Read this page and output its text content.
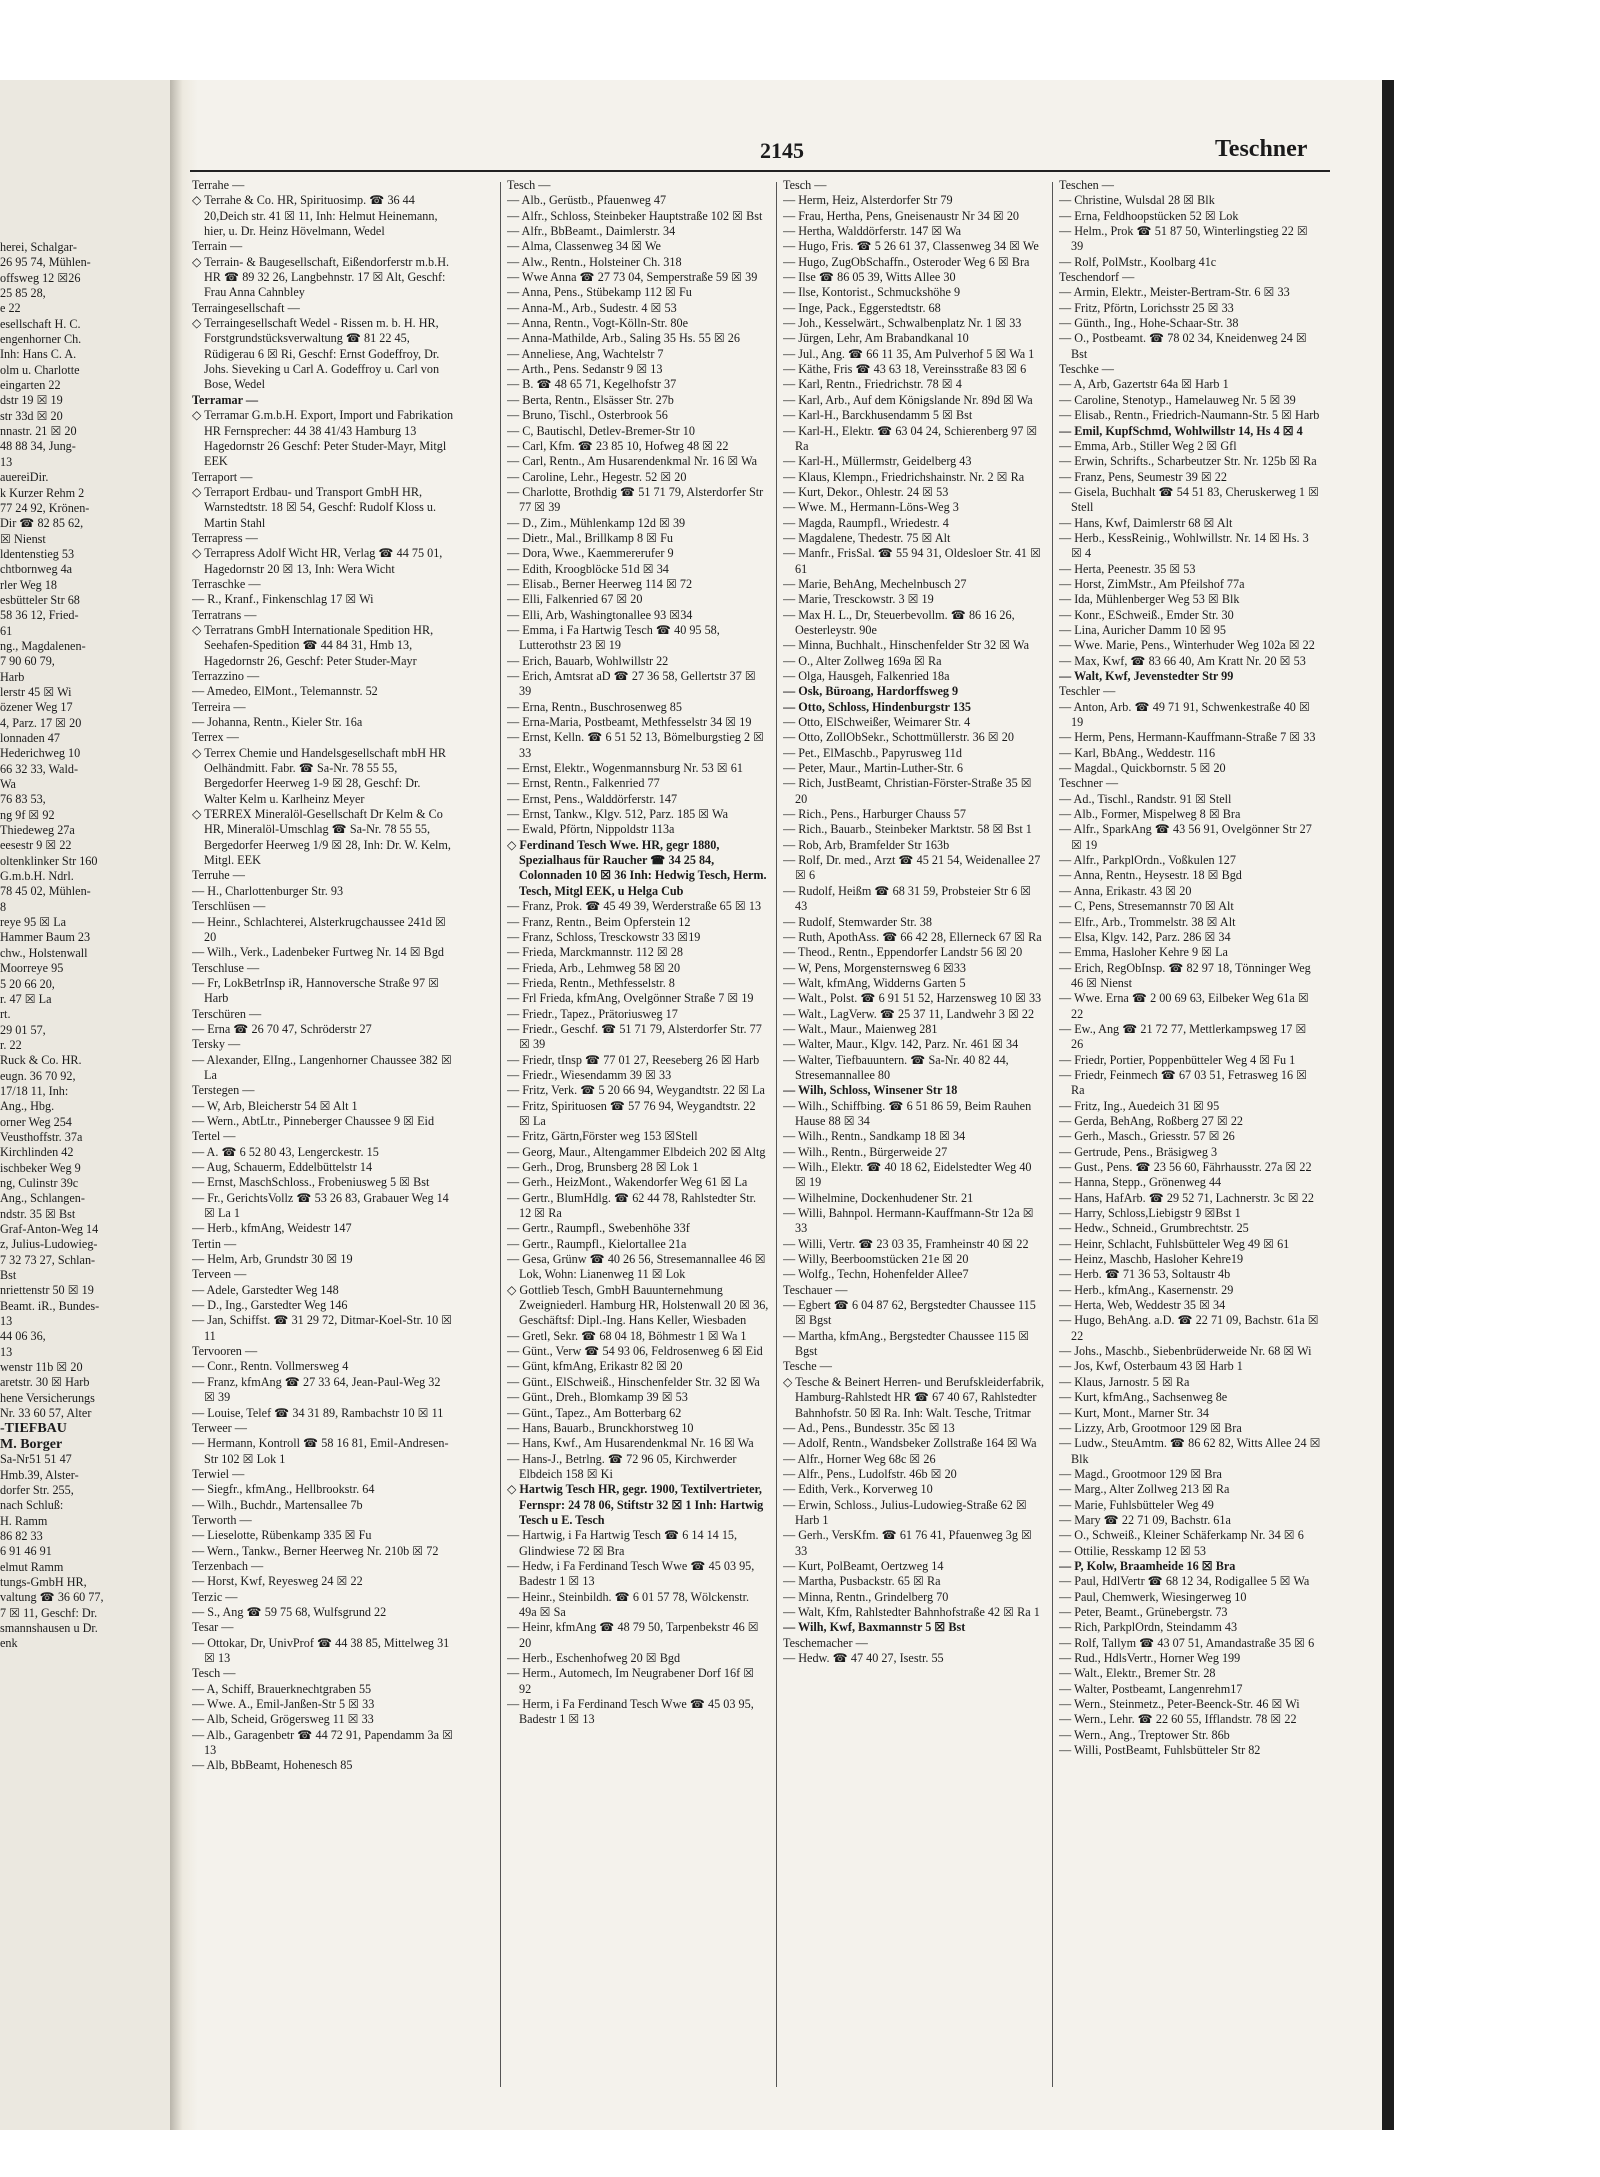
herei, Schalgar-
26 95 74, Mühlen-
offsweg 12 ☒26
25 85 28,
e 22
esellschaft H. C.
engenhorner Ch.
Inh: Hans C. A.
olm u. Charlotte
eingarten 22
dstr 19 ☒ 19
str 33d ☒ 20
nnastr. 21 ☒ 20
48 88 34, Jung-
13
auereiDir.
k Kurzer Rehm 2
77 24 92, Krönen-
Dir ☎ 82 85 62,
☒ Nienst
ldentenstieg 53
chtbornweg 4a
rler Weg 18
esbütteler Str 68
58 36 12, Fried-
61
ng., Magdalenen-
7 90 60 79,
Harb
lerstr 45 ☒ Wi
özener Weg 17
4, Parz. 17 ☒ 20
lonnaden 47
Hederichweg 10
66 32 33, Wald-
Wa
76 83 53,
ng 9f ☒ 92
Thiedeweg 27a
eesestr 9 ☒ 22
oltenklinker Str 160
G.m.b.H. Ndrl.
78 45 02, Mühlen-
8
reye 95 ☒ La
Hammer Baum 23
chw., Holstenwall
Moorreye 95
5 20 66 20,
r. 47 ☒ La
rt.
29 01 57,
r. 22
Ruck & Co. HR.
eugn. 36 70 92,
17/18 11, Inh:
Ang., Hbg.
orner Weg 254
Veusthoffstr. 37a
Kirchlinden 42
ischbeker Weg 9
ng, Culinstr 39c
Ang., Schlangen-
ndstr. 35 ☒ Bst
Graf-Anton-Weg 14
z, Julius-Ludowieg-
7 32 73 27, Schlan-
Bst
nriettenstr 50 ☒ 19
Beamt. iR., Bundes-
13
44 06 36,
13
wenstr 11b ☒ 20
aretstr. 30 ☒ Harb
hene Versicherungs
Nr. 33 60 57, Alter
-TIEFBAU
M. Borger
Sa-Nr51 51 47
Hmb.39, Alster-
dorfer Str. 255,
nach Schluß:
H. Ramm
86 82 33
6 91 46 91
elmut Ramm
tungs-GmbH HR,
valtung ☎ 36 60 77,
7 ☒ 11, Geschf: Dr.
smannshausen u Dr.
enk
2145	Teschner

Terrahe —

◇ Terrahe & Co. HR, Spirituosimp. ☎ 36 44 20,Deich str. 41 ☒ 11, Inh: Helmut Heinemann, hier, u. Dr. Heinz Hövelmann, Wedel

Terrain —

◇ Terrain- & Baugesellschaft, Eißendorferstr m.b.H. HR ☎ 89 32 26, Langbehnstr. 17 ☒ Alt, Geschf: Frau Anna Cahnbley

Terraingesellschaft —

◇ Terraingesellschaft Wedel - Rissen m. b. H. HR, Forstgrundstücksverwaltung ☎ 81 22 45, Rüdigerau 6 ☒ Ri, Geschf: Ernst Godeffroy, Dr. Johs. Sieveking u Carl A. Godeffroy u. Carl von Bose, Wedel

Terramar —

◇ Terramar G.m.b.H. Export, Import und Fabrikation HR Fernsprecher: 44 38 41/43 Hamburg 13 Hagedornstr 26 Geschf: Peter Studer-Mayr, Mitgl EEK

Terraport —

◇ Terraport Erdbau- und Transport GmbH HR, Warnstedtstr. 18 ☒ 54, Geschf: Rudolf Kloss u. Martin Stahl

Terrapress —

◇ Terrapress Adolf Wicht HR, Verlag ☎ 44 75 01, Hagedornstr 20 ☒ 13, Inh: Wera Wicht

Terraschke —

— R., Kranf., Finkenschlag 17 ☒ Wi

Terratrans —

◇ Terratrans GmbH Internationale Spedition HR, Seehafen-Spedition ☎ 44 84 31, Hmb 13, Hagedornstr 26, Geschf: Peter Studer-Mayr

Terrazzino —

— Amedeo, ElMont., Telemannstr. 52

Terreira —

— Johanna, Rentn., Kieler Str. 16a

Terrex —

◇ Terrex Chemie und Handelsgesellschaft mbH HR Oelhändmitt. Fabr. ☎ Sa-Nr. 78 55 55, Bergedorfer Heerweg 1-9 ☒ 28, Geschf: Dr. Walter Kelm u. Karlheinz Meyer

◇ TERREX Mineralöl-Gesellschaft Dr Kelm & Co HR, Mineralöl-Umschlag ☎ Sa-Nr. 78 55 55, Bergedorfer Heerweg 1/9 ☒ 28, Inh: Dr. W. Kelm, Mitgl. EEK

Terruhe —

— H., Charlottenburger Str. 93

Terschlüsen —

— Heinr., Schlachterei, Alsterkrugchaussee 241d ☒ 20

— Wilh., Verk., Ladenbeker Furtweg Nr. 14 ☒ Bgd

Terschluse —

— Fr, LokBetrInsp iR, Hannoversche Straße 97 ☒ Harb

Terschüren —

— Erna ☎ 26 70 47, Schröderstr 27

Tersky —

— Alexander, ElIng., Langenhorner Chaussee 382 ☒ La

Terstegen —

— W, Arb, Bleicherstr 54 ☒ Alt 1

— Wern., AbtLtr., Pinneberger Chaussee 9 ☒ Eid

Tertel —

— A. ☎ 6 52 80 43, Lengerckestr. 15

— Aug, Schauerm, Eddelbüttelstr 14

— Ernst, MaschSchloss., Frobeniusweg 5 ☒ Bst

— Fr., GerichtsVollz ☎ 53 26 83, Grabauer Weg 14 ☒ La 1

— Herb., kfmAng, Weidestr 147

Tertin —

— Helm, Arb, Grundstr 30 ☒ 19

Terveen —

— Adele, Garstedter Weg 148

— D., Ing., Garstedter Weg 146

— Jan, Schiffst. ☎ 31 29 72, Ditmar-Koel-Str. 10 ☒ 11

Tervooren —

— Conr., Rentn. Vollmersweg 4

— Franz, kfmAng ☎ 27 33 64, Jean-Paul-Weg 32 ☒ 39

— Louise, Telef ☎ 34 31 89, Rambachstr 10 ☒ 11

Terweer —

— Hermann, Kontroll ☎ 58 16 81, Emil-Andresen-Str 102 ☒ Lok 1

Terwiel —

— Siegfr., kfmAng., Hellbrookstr. 64

— Wilh., Buchdr., Martensallee 7b

Terworth —

— Lieselotte, Rübenkamp 335 ☒ Fu

— Wern., Tankw., Berner Heerweg Nr. 210b ☒ 72

Terzenbach —

— Horst, Kwf, Reyesweg 24 ☒ 22

Terzic —

— S., Ang ☎ 59 75 68, Wulfsgrund 22

Tesar —

— Ottokar, Dr, UnivProf ☎ 44 38 85, Mittelweg 31 ☒ 13

Tesch —

— A, Schiff, Brauerknechtgraben 55

— Wwe. A., Emil-Janßen-Str 5 ☒ 33

— Alb, Scheid, Grögersweg 11 ☒ 33

— Alb., Garagenbetr ☎ 44 72 91, Papendamm 3a ☒ 13

— Alb, BbBeamt, Hohenesch 85

Tesch —

— Alb., Gerüstb., Pfauenweg 47

— Alfr., Schloss, Steinbeker Hauptstraße 102 ☒ Bst

— Alfr., BbBeamt., Daimlerstr. 34

— Alma, Classenweg 34 ☒ We

— Alw., Rentn., Holsteiner Ch. 318

— Wwe Anna ☎ 27 73 04, Semperstraße 59 ☒ 39

— Anna, Pens., Stübekamp 112 ☒ Fu

— Anna-M., Arb., Sudestr. 4 ☒ 53

— Anna, Rentn., Vogt-Kölln-Str. 80e

— Anna-Mathilde, Arb., Saling 35 Hs. 55 ☒ 26

— Anneliese, Ang, Wachtelstr 7

— Arth., Pens. Sedanstr 9 ☒ 13

— B. ☎ 48 65 71, Kegelhofstr 37

— Berta, Rentn., Elsässer Str. 27b

— Bruno, Tischl., Osterbrook 56

— C, Bautischl, Detlev-Bremer-Str 10

— Carl, Kfm. ☎ 23 85 10, Hofweg 48 ☒ 22

— Carl, Rentn., Am Husarendenkmal Nr. 16 ☒ Wa

— Caroline, Lehr., Hegestr. 52 ☒ 20

— Charlotte, Brothdig ☎ 51 71 79, Alsterdorfer Str 77 ☒ 39

— D., Zim., Mühlenkamp 12d ☒ 39

— Dietr., Mal., Brillkamp 8 ☒ Fu

— Dora, Wwe., Kaemmererufer 9

— Edith, Kroogblöcke 51d ☒ 34

— Elisab., Berner Heerweg 114 ☒ 72

— Elli, Falkenried 67 ☒ 20

— Elli, Arb, Washingtonallee 93 ☒34

— Emma, i Fa Hartwig Tesch ☎ 40 95 58, Lutterothstr 23 ☒ 19

— Erich, Bauarb, Wohlwillstr 22

— Erich, Amtsrat aD ☎ 27 36 58, Gellertstr 37 ☒ 39

— Erna, Rentn., Buschrosenweg 85

— Erna-Maria, Postbeamt, Methfesselstr 34 ☒ 19

— Ernst, Kelln. ☎ 6 51 52 13, Bömelburgstieg 2 ☒ 33

— Ernst, Elektr., Wogenmannsburg Nr. 53 ☒ 61

— Ernst, Rentn., Falkenried 77

— Ernst, Pens., Walddörferstr. 147

— Ernst, Tankw., Klgv. 512, Parz. 185 ☒ Wa

— Ewald, Pförtn, Nippoldstr 113a

◇ Ferdinand Tesch Wwe. HR, gegr 1880, Spezialhaus für Raucher ☎ 34 25 84, Colonnaden 10 ☒ 36 Inh: Hedwig Tesch, Herm. Tesch, Mitgl EEK, u Helga Cub

— Franz, Prok. ☎ 45 49 39, Werderstraße 65 ☒ 13

— Franz, Rentn., Beim Opferstein 12

— Franz, Schloss, Tresckowstr 33 ☒19

— Frieda, Marckmannstr. 112 ☒ 28

— Frieda, Arb., Lehmweg 58 ☒ 20

— Frieda, Rentn., Methfesselstr. 8

— Frl Frieda, kfmAng, Ovelgönner Straße 7 ☒ 19

— Friedr., Tapez., Prätoriusweg 17

— Friedr., Geschf. ☎ 51 71 79, Alsterdorfer Str. 77 ☒ 39

— Friedr, tInsp ☎ 77 01 27, Reeseberg 26 ☒ Harb

— Friedr., Wiesendamm 39 ☒ 33

— Fritz, Verk. ☎ 5 20 66 94, Weygandtstr. 22 ☒ La

— Fritz, Spirituosen ☎ 57 76 94, Weygandtstr. 22 ☒ La

— Fritz, Gärtn,Förster weg 153 ☒Stell

— Georg, Maur., Altengammer Elbdeich 202 ☒ Altg

— Gerh., Drog, Brunsberg 28 ☒ Lok 1

— Gerh., HeizMont., Wakendorfer Weg 61 ☒ La

— Gertr., BlumHdlg. ☎ 62 44 78, Rahlstedter Str. 12 ☒ Ra

— Gertr., Raumpfl., Swebenhöhe 33f

— Gertr., Raumpfl., Kielortallee 21a

— Gesa, Grünw ☎ 40 26 56, Stresemannallee 46 ☒ Lok, Wohn: Lianenweg 11 ☒ Lok

◇ Gottlieb Tesch, GmbH Bauunternehmung Zweigniederl. Hamburg HR, Holstenwall 20 ☒ 36, Geschäftsf: Dipl.-Ing. Hans Keller, Wiesbaden

— Gretl, Sekr. ☎ 68 04 18, Böhmestr 1 ☒ Wa 1

— Günt., Verw ☎ 54 93 06, Feldrosenweg 6 ☒ Eid

— Günt, kfmAng, Erikastr 82 ☒ 20

— Günt., ElSchweiß., Hinschenfelder Str. 32 ☒ Wa

— Günt., Dreh., Blomkamp 39 ☒ 53

— Günt., Tapez., Am Botterbarg 62

— Hans, Bauarb., Brunckhorstweg 10

— Hans, Kwf., Am Husarendenkmal Nr. 16 ☒ Wa

— Hans-J., Betrlng. ☎ 72 96 05, Kirchwerder Elbdeich 158 ☒ Ki

◇ Hartwig Tesch HR, gegr. 1900, Textilvertrieter, Fernspr: 24 78 06, Stiftstr 32 ☒ 1 Inh: Hartwig Tesch u E. Tesch

— Hartwig, i Fa Hartwig Tesch ☎ 6 14 14 15, Glindwiese 72 ☒ Bra

— Hedw, i Fa Ferdinand Tesch Wwe ☎ 45 03 95, Badestr 1 ☒ 13

— Heinr., Steinbildh. ☎ 6 01 57 78, Wölckenstr. 49a ☒ Sa

— Heinr, kfmAng ☎ 48 79 50, Tarpenbekstr 46 ☒ 20

— Herb., Eschenhofweg 20 ☒ Bgd

— Herm., Automech, Im Neugrabener Dorf 16f ☒ 92

— Herm, i Fa Ferdinand Tesch Wwe ☎ 45 03 95, Badestr 1 ☒ 13

Tesch —

— Herm, Heiz, Alsterdorfer Str 79

— Frau, Hertha, Pens, Gneisenaustr Nr 34 ☒ 20

— Hertha, Walddörferstr. 147 ☒ Wa

— Hugo, Fris. ☎ 5 26 61 37, Classenweg 34 ☒ We

— Hugo, ZugObSchaffn., Osteroder Weg 6 ☒ Bra

— Ilse ☎ 86 05 39, Witts Allee 30

— Ilse, Kontorist., Schmuckshöhe 9

— Inge, Pack., Eggerstedtstr. 68

— Joh., Kesselwärt., Schwalbenplatz Nr. 1 ☒ 33

— Jürgen, Lehr, Am Brabandkanal 10

— Jul., Ang. ☎ 66 11 35, Am Pulverhof 5 ☒ Wa 1

— Käthe, Fris ☎ 43 63 18, Vereinsstraße 83 ☒ 6

— Karl, Rentn., Friedrichstr. 78 ☒ 4

— Karl, Arb., Auf dem Königslande Nr. 89d ☒ Wa

— Karl-H., Barckhusendamm 5 ☒ Bst

— Karl-H., Elektr. ☎ 63 04 24, Schierenberg 97 ☒ Ra

— Karl-H., Müllermstr, Geidelberg 43

— Klaus, Klempn., Friedrichshainstr. Nr. 2 ☒ Ra

— Kurt, Dekor., Ohlestr. 24 ☒ 53

— Wwe. M., Hermann-Löns-Weg 3

— Magda, Raumpfl., Wriedestr. 4

— Magdalene, Thedestr. 75 ☒ Alt

— Manfr., FrisSal. ☎ 55 94 31, Oldesloer Str. 41 ☒ 61

— Marie, BehAng, Mechelnbusch 27

— Marie, Tresckowstr. 3 ☒ 19

— Max H. L., Dr, Steuerbevollm. ☎ 86 16 26, Oesterleystr. 90e

— Minna, Buchhalt., Hinschenfelder Str 32 ☒ Wa

— O., Alter Zollweg 169a ☒ Ra

— Olga, Hausgeh, Falkenried 18a

— Osk, Büroang, Hardorffsweg 9

— Otto, Schloss, Hindenburgstr 135

— Otto, ElSchweißer, Weimarer Str. 4

— Otto, ZollObSekr., Schottmüllerstr. 36 ☒ 20

— Pet., ElMaschb., Papyrusweg 11d

— Peter, Maur., Martin-Luther-Str. 6

— Rich, JustBeamt, Christian-Förster-Straße 35 ☒ 20

— Rich., Pens., Harburger Chauss 57

— Rich., Bauarb., Steinbeker Marktstr. 58 ☒ Bst 1

— Rob, Arb, Bramfelder Str 163b

— Rolf, Dr. med., Arzt ☎ 45 21 54, Weidenallee 27 ☒ 6

— Rudolf, Heißm ☎ 68 31 59, Probsteier Str 6 ☒ 43

— Rudolf, Stemwarder Str. 38

— Ruth, ApothAss. ☎ 66 42 28, Ellerneck 67 ☒ Ra

— Theod., Rentn., Eppendorfer Landstr 56 ☒ 20

— W, Pens, Morgensternsweg 6 ☒33

— Walt, kfmAng, Widderns Garten 5

— Walt., Polst. ☎ 6 91 51 52, Harzensweg 10 ☒ 33

— Walt., LagVerw. ☎ 25 37 11, Landwehr 3 ☒ 22

— Walt., Maur., Maienweg 281

— Walter, Maur., Klgv. 142, Parz. Nr. 461 ☒ 34

— Walter, Tiefbauuntern. ☎ Sa-Nr. 40 82 44, Stresemannallee 80

— Wilh, Schloss, Winsener Str 18

— Wilh., Schiffbing. ☎ 6 51 86 59, Beim Rauhen Hause 88 ☒ 34

— Wilh., Rentn., Sandkamp 18 ☒ 34

— Wilh., Rentn., Bürgerweide 27

— Wilh., Elektr. ☎ 40 18 62, Eidelstedter Weg 40 ☒ 19

— Wilhelmine, Dockenhudener Str. 21

— Willi, Bahnpol. Hermann-Kauffmann-Str 12a ☒ 33

— Willi, Vertr. ☎ 23 03 35, Framheinstr 40 ☒ 22

— Willy, Beerboomstücken 21e ☒ 20

— Wolfg., Techn, Hohenfelder Allee7

Teschauer —

— Egbert ☎ 6 04 87 62, Bergstedter Chaussee 115 ☒ Bgst

— Martha, kfmAng., Bergstedter Chaussee 115 ☒ Bgst

Tesche —

◇ Tesche & Beinert Herren- und Berufskleiderfabrik, Hamburg-Rahlstedt HR ☎ 67 40 67, Rahlstedter Bahnhofstr. 50 ☒ Ra. Inh: Walt. Tesche, Tritmar

— Ad., Pens., Bundesstr. 35c ☒ 13

— Adolf, Rentn., Wandsbeker Zollstraße 164 ☒ Wa

— Alfr., Horner Weg 68c ☒ 26

— Alfr., Pens., Ludolfstr. 46b ☒ 20

— Edith, Verk., Korverweg 10

— Erwin, Schloss., Julius-Ludowieg-Straße 62 ☒ Harb 1

— Gerh., VersKfm. ☎ 61 76 41, Pfauenweg 3g ☒ 33

— Kurt, PolBeamt, Oertzweg 14

— Martha, Pusbackstr. 65 ☒ Ra

— Minna, Rentn., Grindelberg 70

— Walt, Kfm, Rahlstedter Bahnhofstraße 42 ☒ Ra 1

— Wilh, Kwf, Baxmannstr 5 ☒ Bst

Teschemacher —

— Hedw. ☎ 47 40 27, Isestr. 55

Teschen —

— Christine, Wulsdal 28 ☒ Blk

— Erna, Feldhoopstücken 52 ☒ Lok

— Helm., Prok ☎ 51 87 50, Winterlingstieg 22 ☒ 39

— Rolf, PolMstr., Koolbarg 41c

Teschendorf —

— Armin, Elektr., Meister-Bertram-Str. 6 ☒ 33

— Fritz, Pförtn, Lorichsstr 25 ☒ 33

— Günth., Ing., Hohe-Schaar-Str. 38

— O., Postbeamt. ☎ 78 02 34, Kneidenweg 24 ☒ Bst

Teschke —

— A, Arb, Gazertstr 64a ☒ Harb 1

— Caroline, Stenotyp., Hamelauweg Nr. 5 ☒ 39

— Elisab., Rentn., Friedrich-Naumann-Str. 5 ☒ Harb

— Emil, KupfSchmd, Wohlwillstr 14, Hs 4 ☒ 4

— Emma, Arb., Stiller Weg 2 ☒ Gfl

— Erwin, Schrifts., Scharbeutzer Str. Nr. 125b ☒ Ra

— Franz, Pens, Seumestr 39 ☒ 22

— Gisela, Buchhalt ☎ 54 51 83, Cheruskerweg 1 ☒ Stell

— Hans, Kwf, Daimlerstr 68 ☒ Alt

— Herb., KessReinig., Wohlwillstr. Nr. 14 ☒ Hs. 3 ☒ 4

— Herta, Peenestr. 35 ☒ 53

— Horst, ZimMstr., Am Pfeilshof 77a

— Ida, Mühlenberger Weg 53 ☒ Blk

— Konr., ESchweiß., Emder Str. 30

— Lina, Auricher Damm 10 ☒ 95

— Wwe. Marie, Pens., Winterhuder Weg 102a ☒ 22

— Max, Kwf, ☎ 83 66 40, Am Kratt Nr. 20 ☒ 53

— Walt, Kwf, Jevenstedter Str 99

Teschler —

— Anton, Arb. ☎ 49 71 91, Schwenkestraße 40 ☒ 19

— Herm, Pens, Hermann-Kauffmann-Straße 7 ☒ 33

— Karl, BbAng., Weddestr. 116

— Magdal., Quickbornstr. 5 ☒ 20

Teschner —

— Ad., Tischl., Randstr. 91 ☒ Stell

— Alb., Former, Mispelweg 8 ☒ Bra

— Alfr., SparkAng ☎ 43 56 91, Ovelgönner Str 27 ☒ 19

— Alfr., ParkplOrdn., Voßkulen 127

— Anna, Rentn., Heysestr. 18 ☒ Bgd

— Anna, Erikastr. 43 ☒ 20

— C, Pens, Stresemannstr 70 ☒ Alt

— Elfr., Arb., Trommelstr. 38 ☒ Alt

— Elsa, Klgv. 142, Parz. 286 ☒ 34

— Emma, Hasloher Kehre 9 ☒ La

— Erich, RegObInsp. ☎ 82 97 18, Tönninger Weg 46 ☒ Nienst

— Wwe. Erna ☎ 2 00 69 63, Eilbeker Weg 61a ☒ 22

— Ew., Ang ☎ 21 72 77, Mettlerkampsweg 17 ☒ 26

— Friedr, Portier, Poppenbütteler Weg 4 ☒ Fu 1

— Friedr, Feinmech ☎ 67 03 51, Fetrasweg 16 ☒ Ra

— Fritz, Ing., Auedeich 31 ☒ 95

— Gerda, BehAng, Roßberg 27 ☒ 22

— Gerh., Masch., Griesstr. 57 ☒ 26

— Gertrude, Pens., Bräsigweg 3

— Gust., Pens. ☎ 23 56 60, Fährhausstr. 27a ☒ 22

— Hanna, Stepp., Grönenweg 44

— Hans, HafArb. ☎ 29 52 71, Lachnerstr. 3c ☒ 22

— Harry, Schloss,Liebigstr 9 ☒Bst 1

— Hedw., Schneid., Grumbrechtstr. 25

— Heinr, Schlacht, Fuhlsbütteler Weg 49 ☒ 61

— Heinz, Maschb, Hasloher Kehre19

— Herb. ☎ 71 36 53, Soltaustr 4b

— Herb., kfmAng., Kasernenstr. 29

— Herta, Web, Weddestr 35 ☒ 34

— Hugo, BehAng. a.D. ☎ 22 71 09, Bachstr. 61a ☒ 22

— Johs., Maschb., Siebenbrüderweide Nr. 68 ☒ Wi

— Jos, Kwf, Osterbaum 43 ☒ Harb 1

— Klaus, Jarnostr. 5 ☒ Ra

— Kurt, kfmAng., Sachsenweg 8e

— Kurt, Mont., Marner Str. 34

— Lizzy, Arb, Grootmoor 129 ☒ Bra

— Ludw., SteuAmtm. ☎ 86 62 82, Witts Allee 24 ☒ Blk

— Magd., Grootmoor 129 ☒ Bra

— Marg., Alter Zollweg 213 ☒ Ra

— Marie, Fuhlsbütteler Weg 49

— Mary ☎ 22 71 09, Bachstr. 61a

— O., Schweiß., Kleiner Schäferkamp Nr. 34 ☒ 6

— Ottilie, Resskamp 12 ☒ 53

— P, Kolw, Braamheide 16 ☒ Bra

— Paul, HdlVertr ☎ 68 12 34, Rodigallee 5 ☒ Wa

— Paul, Chemwerk, Wiesingerweg 10

— Peter, Beamt., Grünebergstr. 73

— Rich, ParkplOrdn, Steindamm 43

— Rolf, Tallym ☎ 43 07 51, Amandastraße 35 ☒ 6

— Rud., HdlsVertr., Horner Weg 199

— Walt., Elektr., Bremer Str. 28

— Walter, Postbeamt, Langenrehm17

— Wern., Steinmetz., Peter-Beenck-Str. 46 ☒ Wi

— Wern., Lehr. ☎ 22 60 55, Ifflandstr. 78 ☒ 22

— Wern., Ang., Treptower Str. 86b

— Willi, PostBeamt, Fuhlsbütteler Str 82
